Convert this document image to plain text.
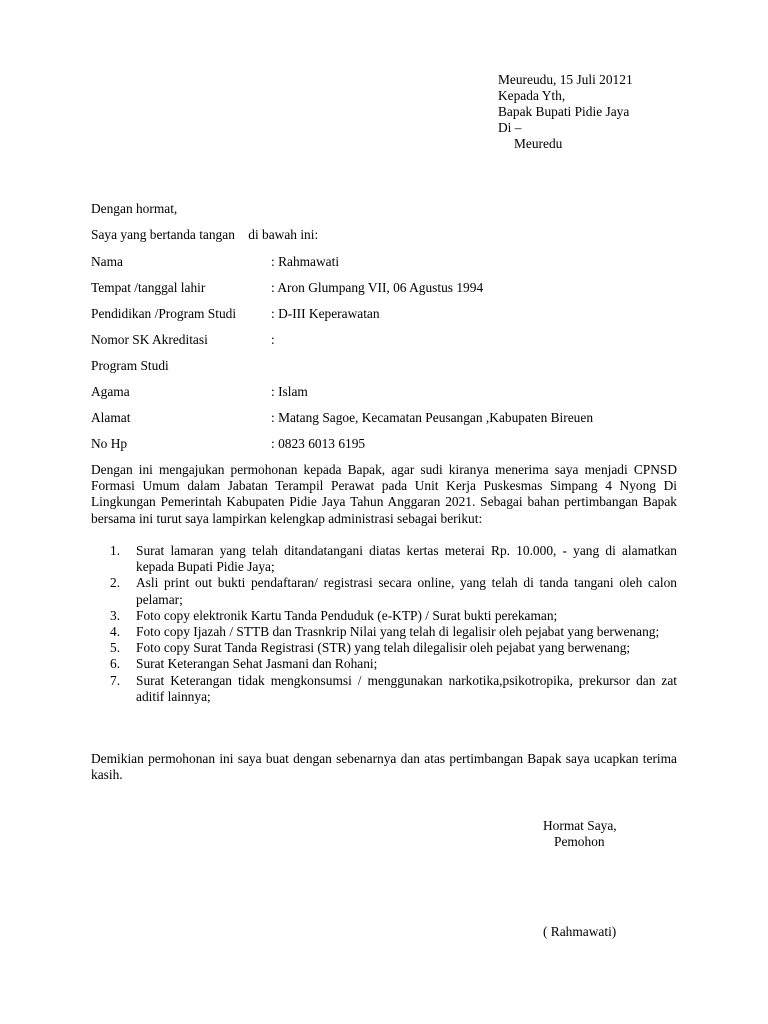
Meureudu, 15 Juli 20121
Kepada Yth,
Bapak Bupati Pidie Jaya
Di –
Meuredu
Dengan hormat,
Saya yang bertanda tangan    di bawah ini:
Nama	: Rahmawati
Tempat /tanggal lahir	: Aron Glumpang VII, 06 Agustus 1994
Pendidikan /Program Studi	: D-III Keperawatan
Nomor SK Akreditasi	:
Program Studi
Agama	: Islam
Alamat	: Matang Sagoe, Kecamatan Peusangan ,Kabupaten Bireuen
No Hp	: 0823 6013 6195

Dengan ini mengajukan permohonan kepada Bapak, agar sudi kiranya menerima saya menjadi CPNSD Formasi Umum dalam Jabatan Terampil Perawat pada Unit Kerja Puskesmas Simpang 4 Nyong Di Lingkungan Pemerintah Kabupaten Pidie Jaya Tahun Anggaran 2021. Sebagai bahan pertimbangan Bapak bersama ini turut saya lampirkan kelengkap administrasi sebagai berikut:

1. Surat lamaran yang telah ditandatangani diatas kertas meterai Rp. 10.000, - yang di alamatkan kepada Bupati Pidie Jaya;
2. Asli print out bukti pendaftaran/ registrasi secara online, yang telah di tanda tangani oleh calon pelamar;
3. Foto copy elektronik Kartu Tanda Penduduk (e-KTP) / Surat bukti perekaman;
4. Foto copy Ijazah / STTB dan Trasnkrip Nilai yang telah di legalisir oleh pejabat yang berwenang;
5. Foto copy Surat Tanda Registrasi (STR) yang telah dilegalisir oleh pejabat yang berwenang;
6. Surat Keterangan Sehat Jasmani dan Rohani;
7. Surat Keterangan tidak mengkonsumsi / menggunakan narkotika,psikotropika, prekursor dan zat aditif lainnya;

Demikian permohonan ini saya buat dengan sebenarnya dan atas pertimbangan Bapak saya ucapkan terima kasih.

Hormat Saya,
Pemohon
( Rahmawati)
